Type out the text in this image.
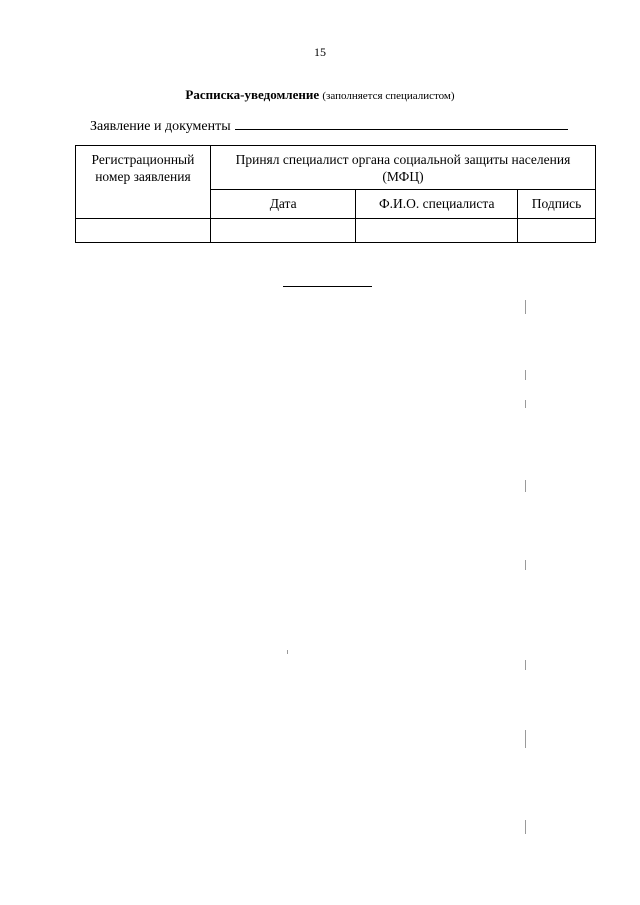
15
Расписка-уведомление (заполняется специалистом)
Заявление и документы
Регистрационный номер заявления	Принял специалист органа социальной защиты населения (МФЦ)		
	Дата	Ф.И.О. специалиста	Подпись
